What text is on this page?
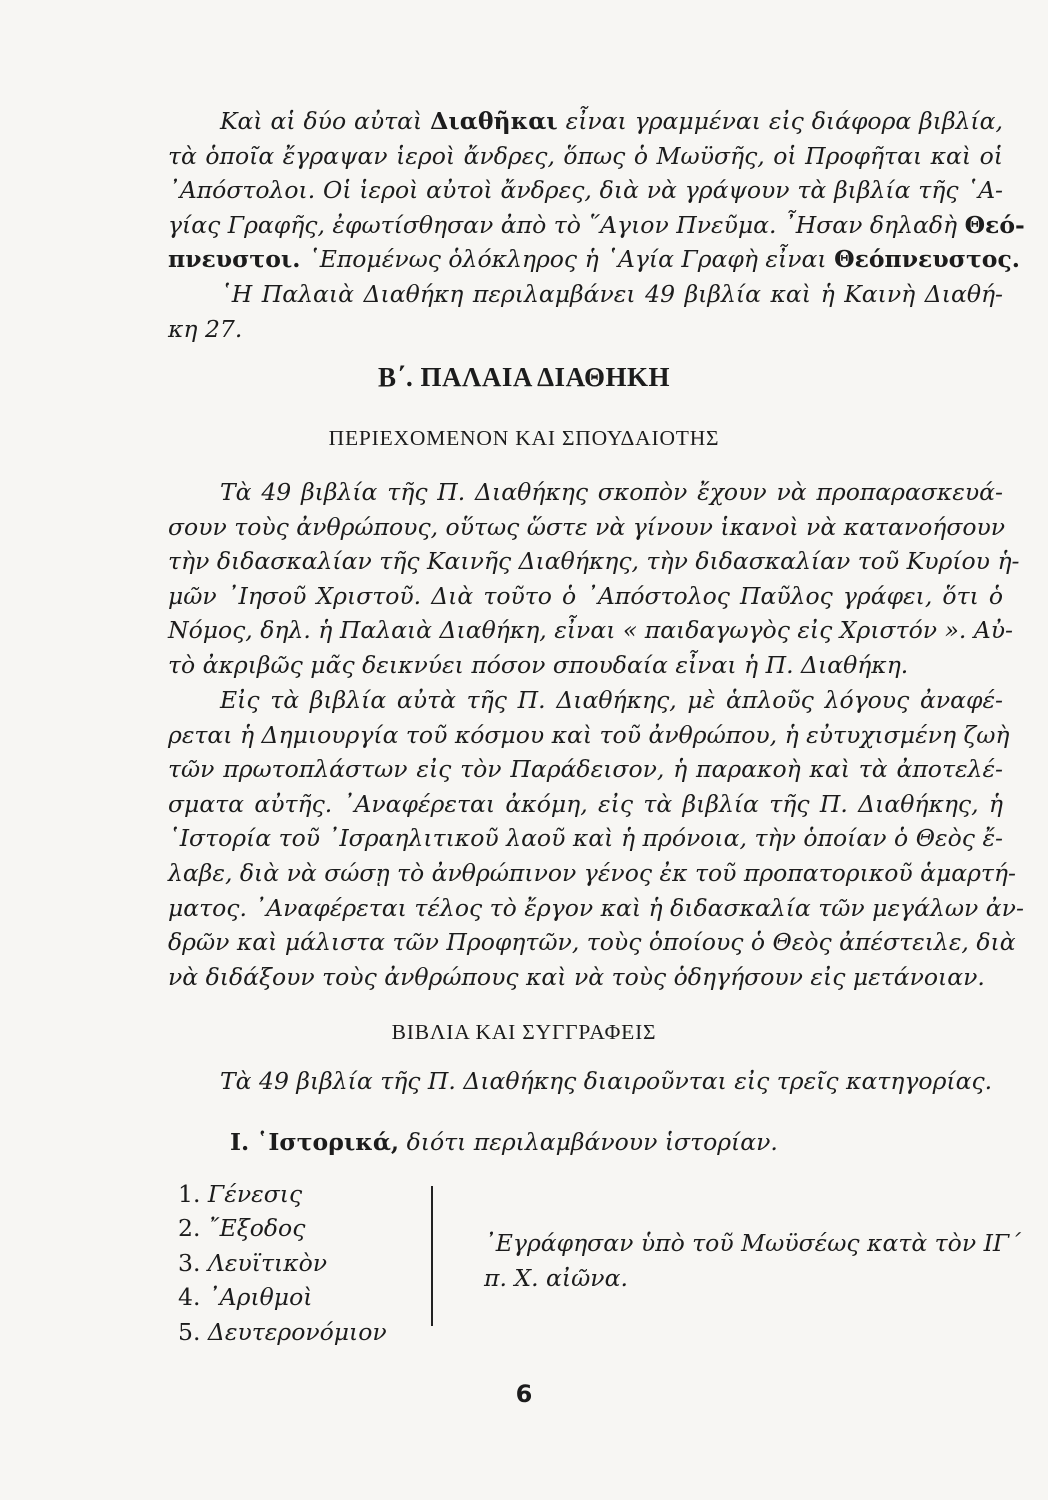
Καὶ αἱ δύο αὐταὶ Διαθῆκαι εἶναι γραμμέναι εἰς διάφορα βιβλία,
τὰ ὁποῖα ἔγραψαν ἱεροὶ ἄνδρες, ὅπως ὁ Μωϋσῆς, οἱ Προφῆται καὶ οἱ
᾿Απόστολοι. Οἱ ἱεροὶ αὐτοὶ ἄνδρες, διὰ νὰ γράψουν τὰ βιβλία τῆς ῾Α-
γίας Γραφῆς, ἐφωτίσθησαν ἀπὸ τὸ ῞Αγιον Πνεῦμα. ῏Ησαν δηλαδὴ Θεό-
πνευστοι. ῾Επομένως ὁλόκληρος ἡ ῾Αγία Γραφὴ εἶναι Θεόπνευστος.
῾Η Παλαιὰ Διαθήκη περιλαμβάνει 49 βιβλία καὶ ἡ Καινὴ Διαθή-
κη 27.
Β΄. ΠΑΛΑΙΑ ΔΙΑΘΗΚΗ
ΠΕΡΙΕΧΟΜΕΝΟΝ ΚΑΙ ΣΠΟΥΔΑΙΟΤΗΣ
Τὰ 49 βιβλία τῆς Π. Διαθήκης σκοπὸν ἔχουν νὰ προπαρασκευά-
σουν τοὺς ἀνθρώπους, οὕτως ὥστε νὰ γίνουν ἱκανοὶ νὰ κατανοήσουν
τὴν διδασκαλίαν τῆς Καινῆς Διαθήκης, τὴν διδασκαλίαν τοῦ Κυρίου ἡ-
μῶν ᾿Ιησοῦ Χριστοῦ. Διὰ τοῦτο ὁ ᾿Απόστολος Παῦλος γράφει, ὅτι ὁ
Νόμος, δηλ. ἡ Παλαιὰ Διαθήκη, εἶναι « παιδαγωγὸς εἰς Χριστόν ». Αὐ-
τὸ ἀκριβῶς μᾶς δεικνύει πόσον σπουδαία εἶναι ἡ Π. Διαθήκη.
Εἰς τὰ βιβλία αὐτὰ τῆς Π. Διαθήκης, μὲ ἁπλοῦς λόγους ἀναφέ-
ρεται ἡ Δημιουργία τοῦ κόσμου καὶ τοῦ ἀνθρώπου, ἡ εὐτυχισμένη ζωὴ
τῶν πρωτοπλάστων εἰς τὸν Παράδεισον, ἡ παρακοὴ καὶ τὰ ἀποτελέ-
σματα αὐτῆς. ᾿Αναφέρεται ἀκόμη, εἰς τὰ βιβλία τῆς Π. Διαθήκης, ἡ
῾Ιστορία τοῦ ᾿Ισραηλιτικοῦ λαοῦ καὶ ἡ πρόνοια, τὴν ὁποίαν ὁ Θεὸς ἔ-
λαβε, διὰ νὰ σώσῃ τὸ ἀνθρώπινον γένος ἐκ τοῦ προπατορικοῦ ἁμαρτή-
ματος. ᾿Αναφέρεται τέλος τὸ ἔργον καὶ ἡ διδασκαλία τῶν μεγάλων ἀν-
δρῶν καὶ μάλιστα τῶν Προφητῶν, τοὺς ὁποίους ὁ Θεὸς ἀπέστειλε, διὰ
νὰ διδάξουν τοὺς ἀνθρώπους καὶ νὰ τοὺς ὁδηγήσουν εἰς μετάνοιαν.
ΒΙΒΛΙΑ ΚΑΙ ΣΥΓΓΡΑΦΕΙΣ
Τὰ 49 βιβλία τῆς Π. Διαθήκης διαιροῦνται εἰς τρεῖς κατηγορίας.
I. ῾Ιστορικά, διότι περιλαμβάνουν ἱστορίαν.
1. Γένεσις
2. ῎Εξοδος
3. Λευϊτικὸν
4. ᾿Αριθμοὶ
5. Δευτερονόμιον
᾿Εγράφησαν ὑπὸ τοῦ Μωϋσέως κατὰ τὸν ΙΓ΄
π. Χ. αἰῶνα.
6
